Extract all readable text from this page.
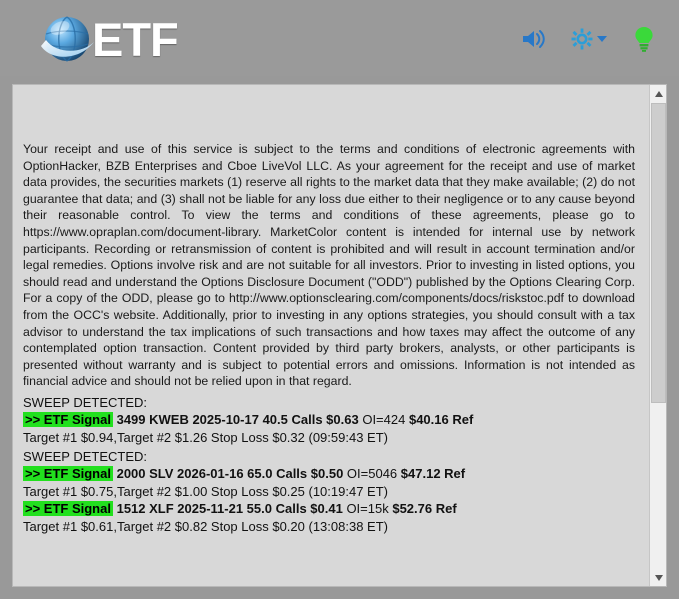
ETF

Your receipt and use of this service is subject to the terms and conditions of electronic agreements with OptionHacker, BZB Enterprises and Cboe LiveVol LLC. As your agreement for the receipt and use of market data provides, the securities markets (1) reserve all rights to the market data that they make available; (2) do not guarantee that data; and (3) shall not be liable for any loss due either to their negligence or to any cause beyond their reasonable control. To view the terms and conditions of these agreements, please go to https://www.opraplan.com/document-library. MarketColor content is intended for internal use by network participants. Recording or retransmission of content is prohibited and will result in account termination and/or legal remedies. Options involve risk and are not suitable for all investors. Prior to investing in listed options, you should read and understand the Options Disclosure Document ("ODD") published by the Options Clearing Corp. For a copy of the ODD, please go to http://www.optionsclearing.com/components/docs/riskstoc.pdf to download from the OCC's website. Additionally, prior to investing in any options strategies, you should consult with a tax advisor to understand the tax implications of such transactions and how taxes may affect the outcome of any contemplated option transaction. Content provided by third party brokers, analysts, or other participants is presented without warranty and is subject to potential errors and omissions. Information is not intended as financial advice and should not be relied upon in that regard.

SWEEP DETECTED:
>> ETF Signal 3499 KWEB 2025-10-17 40.5 Calls $0.63 OI=424 $40.16 Ref
Target #1 $0.94,Target #2 $1.26 Stop Loss $0.32 (09:59:43 ET)
SWEEP DETECTED:
>> ETF Signal 2000 SLV 2026-01-16 65.0 Calls $0.50 OI=5046 $47.12 Ref
Target #1 $0.75,Target #2 $1.00 Stop Loss $0.25 (10:19:47 ET)
>> ETF Signal 1512 XLF 2025-11-21 55.0 Calls $0.41 OI=15k $52.76 Ref
Target #1 $0.61,Target #2 $0.82 Stop Loss $0.20 (13:08:38 ET)
